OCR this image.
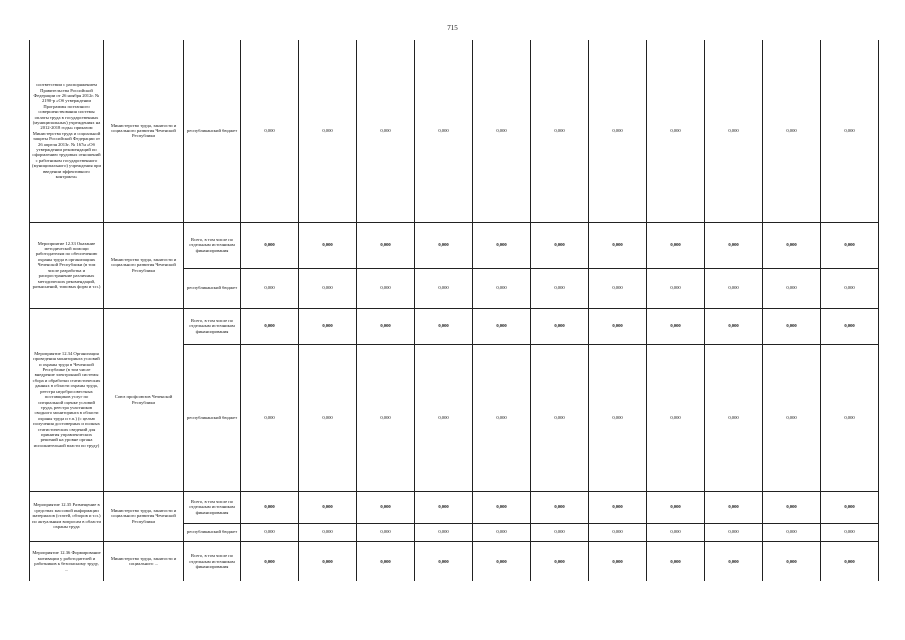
715
соответствии с распоряжением Правительства Российской Федерации от 26 ноября 2012г. № 2190-р «Об утверждении Программы поэтапного совершенствования системы оплаты труда в государственных (муниципальных) учреждениях на 2012-2018 годы» приказом Министерства труда и социальной защиты Российской Федерации от 26 апреля 2013г. № 167н «Об утверждении рекомендаций по оформлению трудовых отношений с работником государственного (муниципального) учреждения при введении эффективного контракта»	Министерство труда, занятости и социального развития Чеченской Республики	республиканский бюджет	0,000	0,000	0,000	0,000	0,000	0,000	0,000	0,000	0,000	0,000	0,000
Мероприятие 12.33 Оказание методической помощи работодателям по обеспечению охраны труда в организациях Чеченской Республики (в том числе разработка и распространение различных методических рекомендаций, разъяснений, типовых форм и т.п.)	Министерство труда, занятости и социального развития Чеченской Республики	Всего, в том числе по отдельным источникам финансирования	0,000	0,000	0,000	0,000	0,000	0,000	0,000	0,000	0,000	0,000	0,000
		республиканский бюджет	0,000	0,000	0,000	0,000	0,000	0,000	0,000	0,000	0,000	0,000	0,000
Мероприятие 12.34 Организация проведения мониторинга условий и охраны труда в Чеченской Республике (в том числе внедрение электронной системы сбора и обработки статистических данных в области охраны труда, реестра недобросовестных поставщиков услуг по специальной оценке условий труда, реестра участников сводного мониторинга в области охраны труда и т.п.) (с целью получения достоверных и полных статистических сведений для принятия управленческих решений на уровне органа исполнительной власти по труду)	Союз профсоюзов Чеченской Республики	Всего, в том числе по отдельным источникам финансирования	0,000	0,000	0,000	0,000	0,000	0,000	0,000	0,000	0,000	0,000	0,000
		республиканский бюджет	0,000	0,000	0,000	0,000	0,000	0,000	0,000	0,000	0,000	0,000	0,000
Мероприятие 12.35 Размещение в средствах массовой информации материалов (статей, обзоров и т.п.) по актуальным вопросам в области охраны труда	Министерство труда, занятости и социального развития Чеченской Республики	Всего, в том числе по отдельным источникам финансирования	0,000	0,000	0,000	0,000	0,000	0,000	0,000	0,000	0,000	0,000	0,000
		республиканский бюджет	0,000	0,000	0,000	0,000	0,000	0,000	0,000	0,000	0,000	0,000	0,000
Мероприятие 12.36 Формирование мотивации у работодателей и работников к безопасному труду, ...	Министерство труда, занятости и социального ...	Всего, в том числе по отдельным источникам финансирования	0,000	0,000	0,000	0,000	0,000	0,000	0,000	0,000	0,000	0,000	0,000
